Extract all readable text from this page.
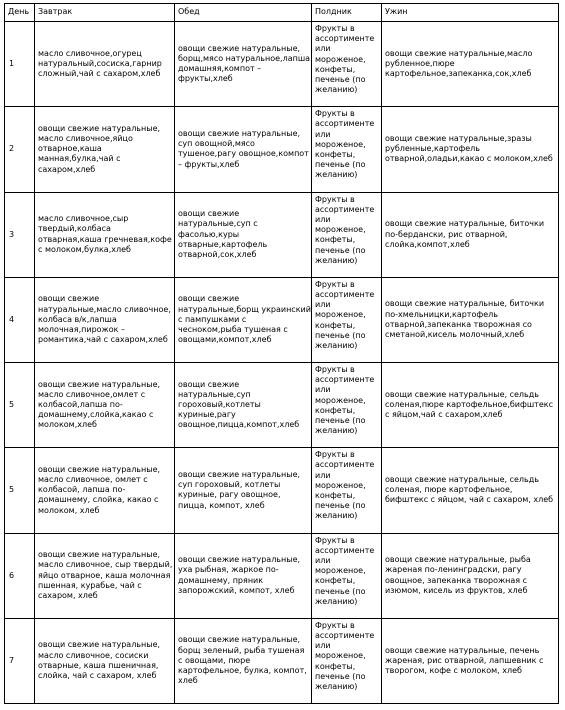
День	Завтрак	Обед	Полдник	Ужин
1	масло сливочное,огурец натуральный,сосиска,гарнир сложный,чай с сахаром,хлеб	овощи свежие натуральные, борщ,мясо натуральное,лапша домашняя,компот – фрукты,хлеб	Фрукты в ассортименте или мороженое, конфеты, печенье (по желанию)	овощи свежие натуральные,масло рубленное,пюре картофельное,запеканка,сок,хлеб
2	овощи свежие натуральные, масло сливочное,яйцо отварное,каша манная,булка,чай с сахаром,хлеб	овощи свежие натуральные, суп овощной,мясо тушеное,рагу овощное,компот – фрукты,хлеб	Фрукты в ассортименте или мороженое, конфеты, печенье (по желанию)	овощи свежие натуральные,зразы рубленные,картофель отварной,оладьи,какао с молоком,хлеб
3	масло сливочное,сыр твердый,колбаса отварная,каша гречневая,кофе с молоком,булка,хлеб	овощи свежие натуральные,суп с фасолью,куры отварные,картофель отварной,сок,хлеб	Фрукты в ассортименте или мороженое, конфеты, печенье (по желанию)	овощи свежие натуральные, биточки по-бердански, рис отварной, слойка,компот,хлеб
4	овощи свежие натуральные,масло сливочное, колбаса в/к,лапша молочная,пирожок – романтика,чай с сахаром,хлеб	овощи свежие натуральные,борщ украинский с пампушками с чесноком,рыба тушеная с овощами,компот,хлеб	Фрукты в ассортименте или мороженое, конфеты, печенье (по желанию)	овощи свежие натуральные, биточки по-хмельницки,картофель отварной,запеканка творожная со сметаной,кисель молочный,хлеб
5	овощи свежие натуральные, масло сливочное,омлет с колбасой,лапша по-домашнему,слойка,какао с молоком,хлеб	овощи свежие натуральные,суп гороховый,котлеты куриные,рагу овощное,пицца,компот,хлеб	Фрукты в ассортименте или мороженое, конфеты, печенье (по желанию)	овощи свежие натуральные, сельдь соленая,пюре картофельное,бифштекс с яйцом,чай с сахаром,хлеб
5	овощи свежие натуральные, масло сливочное, омлет с колбасой, лапша по-домашнему, слойка, какао с молоком, хлеб	овощи свежие натуральные, суп гороховый, котлеты куриные, рагу овощное, пицца, компот, хлеб	Фрукты в ассортименте или мороженое, конфеты, печенье (по желанию)	овощи свежие натуральные, сельдь соленая, пюре картофельное, бифштекс с яйцом, чай с сахаром, хлеб
6	овощи свежие натуральные, масло сливочное, сыр твердый, яйцо отварное, каша молочная пшенная, курабье, чай с сахаром, хлеб	овощи свежие натуральные, уха рыбная, жаркое по-домашнему, пряник запорожский, компот, хлеб	Фрукты в ассортименте или мороженое, конфеты, печенье (по желанию)	овощи свежие натуральные, рыба жареная по-ленинградски, рагу овощное, запеканка творожная с изюмом, кисель из фруктов, хлеб
7	овощи свежие натуральные, масло сливочное, сосиски отварные, каша пшеничная, слойка, чай с сахаром, хлеб	овощи свежие натуральные, борщ зеленый, рыба тушеная с овощами, пюре картофельное, булка, компот, хлеб	Фрукты в ассортименте или мороженое, конфеты, печенье (по желанию)	овощи свежие натуральные, печень жареная, рис отварной, лапшевник с творогом, кофе с молоком, хлеб
